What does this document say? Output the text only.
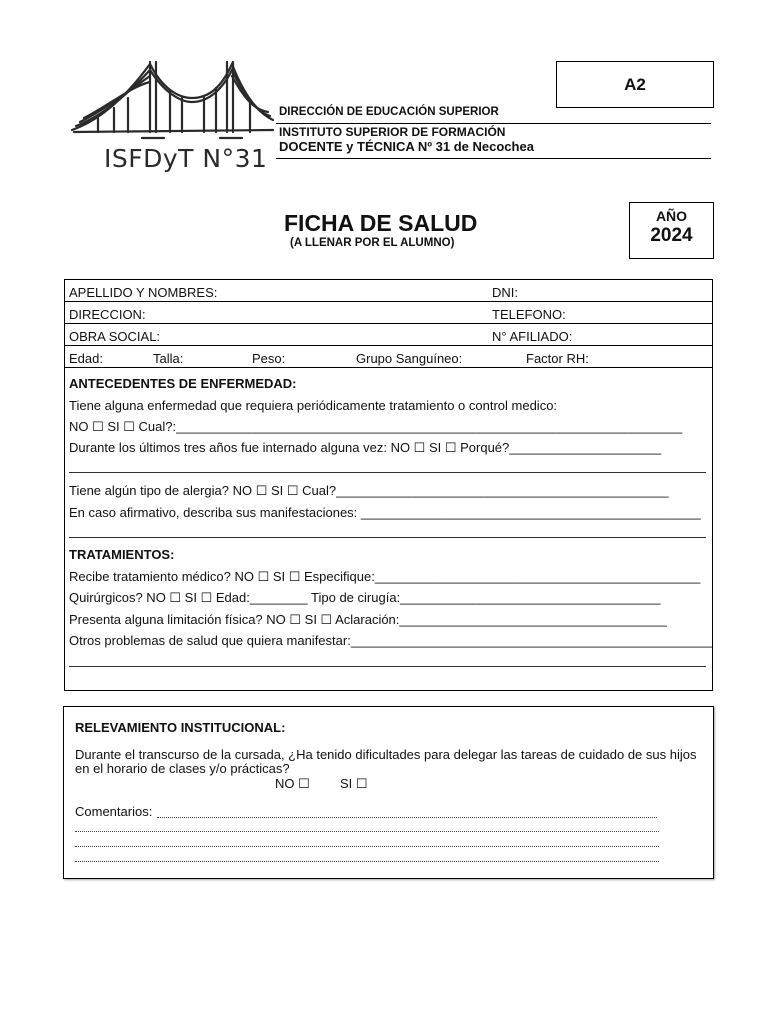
ISFDyT N°31
A2
DIRECCIÓN DE EDUCACIÓN SUPERIOR
INSTITUTO SUPERIOR DE FORMACIÓN
DOCENTE y TÉCNICA Nº 31 de Necochea
FICHA DE SALUD
(A LLENAR POR EL ALUMNO)
AÑO
2024
APELLIDO Y NOMBRES:	DNI:
DIRECCION:	TELEFONO:
OBRA SOCIAL:	N° AFILIADO:
Edad:	Talla:	Peso:	Grupo Sanguíneo:	Factor RH:
ANTECEDENTES DE ENFERMEDAD:
Tiene alguna enfermedad que requiera periódicamente tratamiento o control medico:
NO ☐ SI ☐ Cual?:______________________________________________________________________
Durante los últimos tres años fue internado alguna vez: NO ☐ SI ☐ Porqué?_____________________
Tiene algún tipo de alergia? NO ☐ SI ☐ Cual?______________________________________________
En caso afirmativo, describa sus manifestaciones: _______________________________________________
TRATAMIENTOS:
Recibe tratamiento médico? NO ☐ SI ☐ Especifique:_____________________________________________
Quirúrgicos? NO ☐ SI ☐ Edad:________ Tipo de cirugía:____________________________________
Presenta alguna limitación física? NO ☐ SI ☐ Aclaración:_____________________________________
Otros problemas de salud que quiera manifestar:__________________________________________________
RELEVAMIENTO INSTITUCIONAL:
Durante el transcurso de la cursada, ¿Ha tenido dificultades para delegar las tareas de cuidado de sus hijos
en el horario de clases y/o prácticas?
NO ☐ SI ☐
Comentarios:
